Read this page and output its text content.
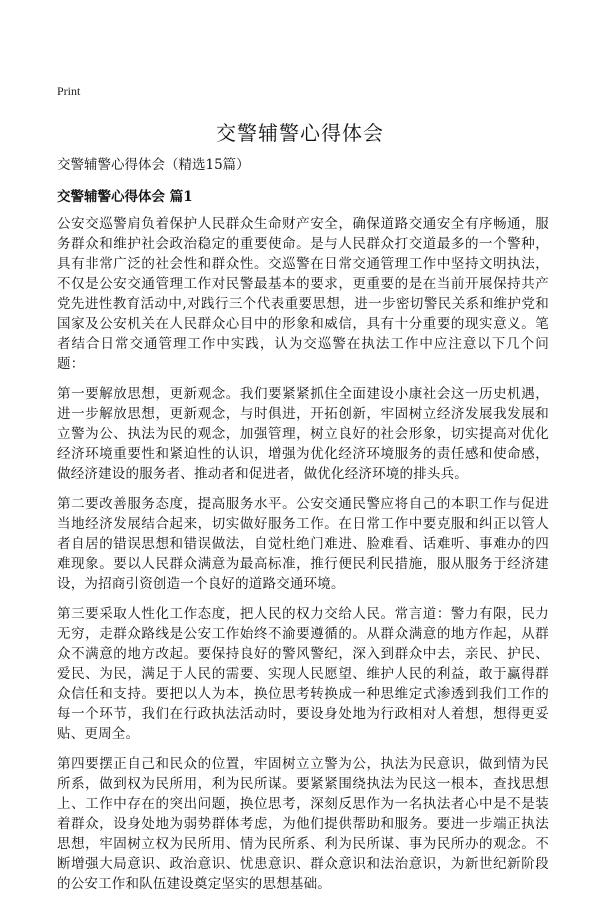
Print
交警辅警心得体会
交警辅警心得体会（精选15篇）
交警辅警心得体会 篇1

公安交巡警肩负着保护人民群众生命财产安全，确保道路交通安全有序畅通，服务群众和维护社会政治稳定的重要使命。是与人民群众打交道最多的一个警种，具有非常广泛的社会性和群众性。交巡警在日常交通管理工作中坚持文明执法，不仅是公安交通管理工作对民警最基本的要求，更重要的是在当前开展保持共产党先进性教育活动中,对践行三个代表重要思想，进一步密切警民关系和维护党和国家及公安机关在人民群众心目中的形象和威信，具有十分重要的现实意义。笔者结合日常交通管理工作中实践，认为交巡警在执法工作中应注意以下几个问题：

第一要解放思想，更新观念。我们要紧紧抓住全面建设小康社会这一历史机遇，进一步解放思想，更新观念，与时俱进，开拓创新，牢固树立经济发展我发展和立警为公、执法为民的观念，加强管理，树立良好的社会形象，切实提高对优化经济环境重要性和紧迫性的认识，增强为优化经济环境服务的责任感和使命感，做经济建设的服务者、推动者和促进者，做优化经济环境的排头兵。

第二要改善服务态度，提高服务水平。公安交通民警应将自己的本职工作与促进当地经济发展结合起来，切实做好服务工作。在日常工作中要克服和纠正以管人者自居的错误思想和错误做法，自觉杜绝门难进、脸难看、话难听、事难办的四难现象。要以人民群众满意为最高标准，推行便民利民措施，服从服务于经济建设，为招商引资创造一个良好的道路交通环境。

第三要采取人性化工作态度，把人民的权力交给人民。常言道：警力有限，民力无穷，走群众路线是公安工作始终不渝要遵循的。从群众满意的地方作起，从群众不满意的地方改起。要保持良好的警风警纪，深入到群众中去，亲民、护民、爱民、为民，满足于人民的需要、实现人民愿望、维护人民的利益，敢于赢得群众信任和支持。要把以人为本，换位思考转换成一种思维定式渗透到我们工作的每一个环节，我们在行政执法活动时，要设身处地为行政相对人着想，想得更妥贴、更周全。

第四要摆正自己和民众的位置，牢固树立立警为公，执法为民意识，做到情为民所系，做到权为民所用，利为民所谋。要紧紧围绕执法为民这一根本，查找思想上、工作中存在的突出问题，换位思考，深刻反思作为一名执法者心中是不是装着群众，设身处地为弱势群体考虑，为他们提供帮助和服务。要进一步端正执法思想，牢固树立权为民所用、情为民所系、利为民所谋、事为民所办的观念。不断增强大局意识、政治意识、忧患意识、群众意识和法治意识，为新世纪新阶段的公安工作和队伍建设奠定坚实的思想基础。
